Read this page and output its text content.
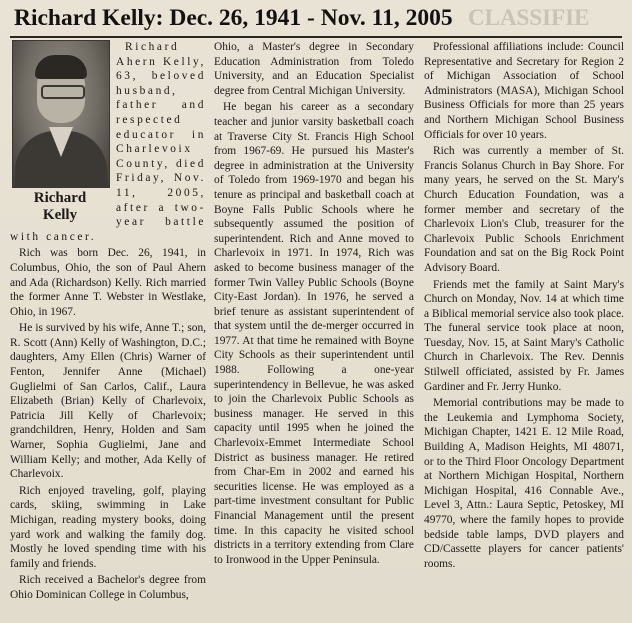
Richard Kelly: Dec. 26, 1941 - Nov. 11, 2005 CLASSIFIE
Richard
Kelly

Richard Ahern Kelly, 63, beloved husband, father and respected educator in Charlevoix County, died Friday, Nov. 11, 2005, after a two-year battle with cancer.

Rich was born Dec. 26, 1941, in Columbus, Ohio, the son of Paul Ahern and Ada (Richardson) Kelly. Rich married the former Anne T. Webster in Westlake, Ohio, in 1967.

He is survived by his wife, Anne T.; son, R. Scott (Ann) Kelly of Washington, D.C.; daughters, Amy Ellen (Chris) Warner of Fenton, Jennifer Anne (Michael) Guglielmi of San Carlos, Calif., Laura Elizabeth (Brian) Kelly of Charlevoix, Patricia Jill Kelly of Charlevoix; grandchildren, Henry, Holden and Sam Warner, Sophia Guglielmi, Jane and William Kelly; and mother, Ada Kelly of Charlevoix.

Rich enjoyed traveling, golf, playing cards, skiing, swimming in Lake Michigan, reading mystery books, doing yard work and walking the family dog. Mostly he loved spending time with his family and friends.

Rich received a Bachelor's degree from Ohio Dominican College in Columbus,

Ohio, a Master's degree in Secondary Education Administration from Toledo University, and an Education Specialist degree from Central Michigan University.

He began his career as a secondary teacher and junior varsity basketball coach at Traverse City St. Francis High School from 1967-69. He pursued his Master's degree in administration at the University of Toledo from 1969-1970 and began his tenure as principal and basketball coach at Boyne Falls Public Schools where he subsequently assumed the position of superintendent. Rich and Anne moved to Charlevoix in 1971. In 1974, Rich was asked to become business manager of the former Twin Valley Public Schools (Boyne City-East Jordan). In 1976, he served a brief tenure as assistant superintendent of that system until the de-merger occurred in 1977. At that time he remained with Boyne City Schools as their superintendent until 1988. Following a one-year superintendency in Bellevue, he was asked to join the Charlevoix Public Schools as business manager. He served in this capacity until 1995 when he joined the Charlevoix-Emmet Intermediate School District as business manager. He retired from Char-Em in 2002 and earned his securities license. He was employed as a part-time investment consultant for Public Financial Management until the present time. In this capacity he visited school districts in a territory extending from Clare to Ironwood in the Upper Peninsula.

Professional affiliations include: Council Representative and Secretary for Region 2 of Michigan Association of School Administrators (MASA), Michigan School Business Officials for more than 25 years and Northern Michigan School Business Officials for over 10 years.

Rich was currently a member of St. Francis Solanus Church in Bay Shore. For many years, he served on the St. Mary's Church Education Foundation, was a former member and secretary of the Charlevoix Lion's Club, treasurer for the Charlevoix Public Schools Enrichment Foundation and sat on the Big Rock Point Advisory Board.

Friends met the family at Saint Mary's Church on Monday, Nov. 14 at which time a Biblical memorial service also took place. The funeral service took place at noon, Tuesday, Nov. 15, at Saint Mary's Catholic Church in Charlevoix. The Rev. Dennis Stilwell officiated, assisted by Fr. James Gardiner and Fr. Jerry Hunko.

Memorial contributions may be made to the Leukemia and Lymphoma Society, Michigan Chapter, 1421 E. 12 Mile Road, Building A, Madison Heights, MI 48071, or to the Third Floor Oncology Department at Northern Michigan Hospital, Northern Michigan Hospital, 416 Connable Ave., Level 3, Attn.: Laura Septic, Petoskey, MI 49770, where the family hopes to provide bedside table lamps, DVD players and CD/Cassette players for cancer patients' rooms.
